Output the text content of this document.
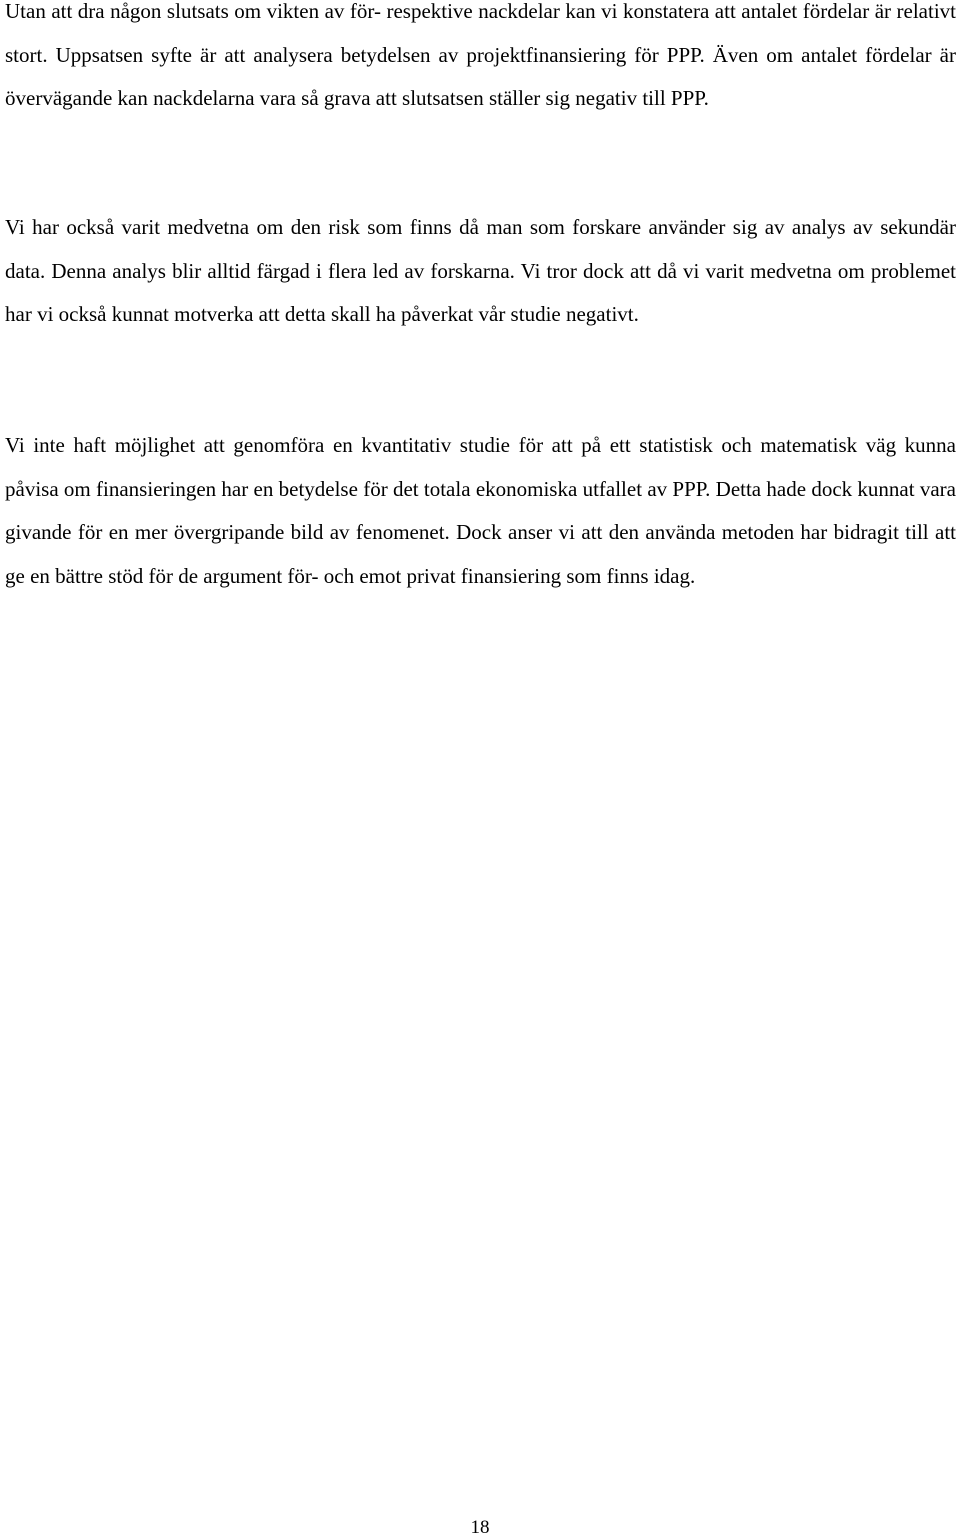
Utan att dra någon slutsats om vikten av för- respektive nackdelar kan vi konstatera att antalet fördelar är relativt stort. Uppsatsen syfte är att analysera betydelsen av projektfinansiering för PPP. Även om antalet fördelar är övervägande kan nackdelarna vara så grava att slutsatsen ställer sig negativ till PPP.

Vi har också varit medvetna om den risk som finns då man som forskare använder sig av analys av sekundär data. Denna analys blir alltid färgad i flera led av forskarna. Vi tror dock att då vi varit medvetna om problemet har vi också kunnat motverka att detta skall ha påverkat vår studie negativt.

Vi inte haft möjlighet att genomföra en kvantitativ studie för att på ett statistisk och matematisk väg kunna påvisa om finansieringen har en betydelse för det totala ekonomiska utfallet av PPP. Detta hade dock kunnat vara givande för en mer övergripande bild av fenomenet. Dock anser vi att den använda metoden har bidragit till att ge en bättre stöd för de argument för- och emot privat finansiering som finns idag.

18
